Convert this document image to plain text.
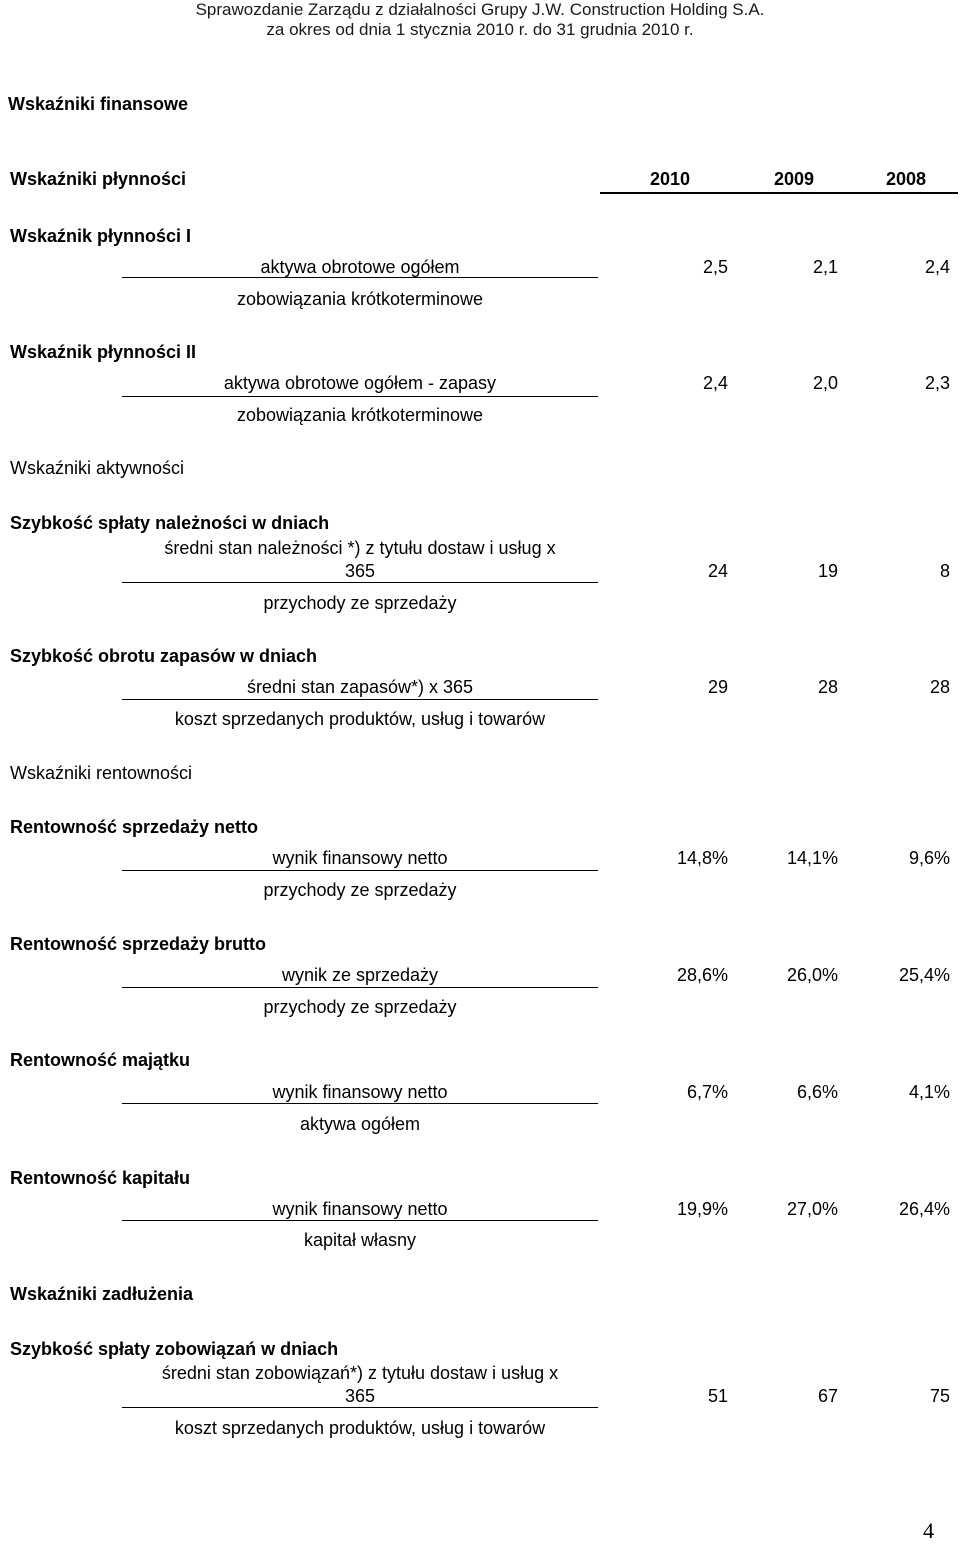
Sprawozdanie Zarządu z działalności Grupy J.W. Construction Holding S.A.
za okres od dnia 1 stycznia 2010 r. do 31 grudnia 2010 r.
Wskaźniki finansowe
Wskaźniki płynności	2010	2009	2008
Wskaźnik płynności I
aktywa obrotowe ogółem
zobowiązania krótkoterminowe
2,5	2,1	2,4
Wskaźnik płynności II
aktywa obrotowe ogółem - zapasy
zobowiązania krótkoterminowe
2,4	2,0	2,3
Wskaźniki aktywności
Szybkość spłaty należności w dniach
średni stan należności *) z tytułu dostaw i usług x
365
przychody ze sprzedaży
24	19	8
Szybkość obrotu zapasów w dniach
średni stan zapasów*) x 365
koszt sprzedanych produktów, usług i towarów
29	28	28
Wskaźniki rentowności
Rentowność sprzedaży netto
wynik finansowy netto
przychody ze sprzedaży
14,8%	14,1%	9,6%
Rentowność sprzedaży brutto
wynik ze sprzedaży
przychody ze sprzedaży
28,6%	26,0%	25,4%
Rentowność majątku
wynik finansowy netto
aktywa ogółem
6,7%	6,6%	4,1%
Rentowność kapitału
wynik finansowy netto
kapitał własny
19,9%	27,0%	26,4%
Wskaźniki zadłużenia
Szybkość spłaty zobowiązań w dniach
średni stan zobowiązań*) z tytułu dostaw i usług x
365
koszt sprzedanych produktów, usług i towarów
51	67	75
4
